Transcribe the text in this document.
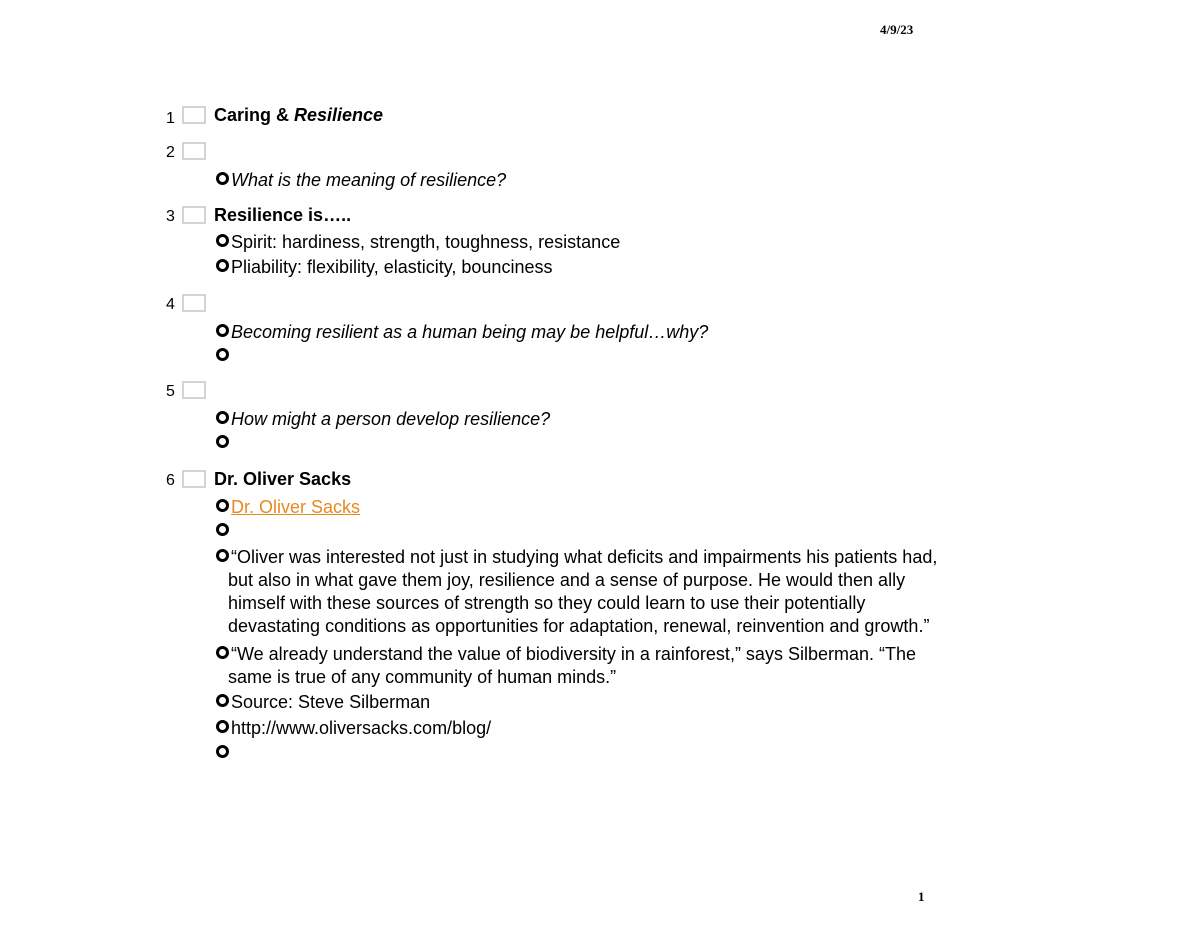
4/9/23
1 Caring & Resilience
2
What is the meaning of resilience?
3 Resilience is…..
Spirit: hardiness, strength, toughness, resistance
Pliability: flexibility, elasticity, bounciness
4
Becoming resilient as a human being may be helpful…why?
5
How might a person develop resilience?
6 Dr. Oliver Sacks
Dr. Oliver Sacks
“Oliver was interested not just in studying what deficits and impairments his patients had,
but also in what gave them joy, resilience and a sense of purpose. He would then ally
himself with these sources of strength so they could learn to use their potentially
devastating conditions as opportunities for adaptation, renewal, reinvention and growth.”
“We already understand the value of biodiversity in a rainforest,” says Silberman. “The
same is true of any community of human minds.”
Source: Steve Silberman
http://www.oliversacks.com/blog/
1
